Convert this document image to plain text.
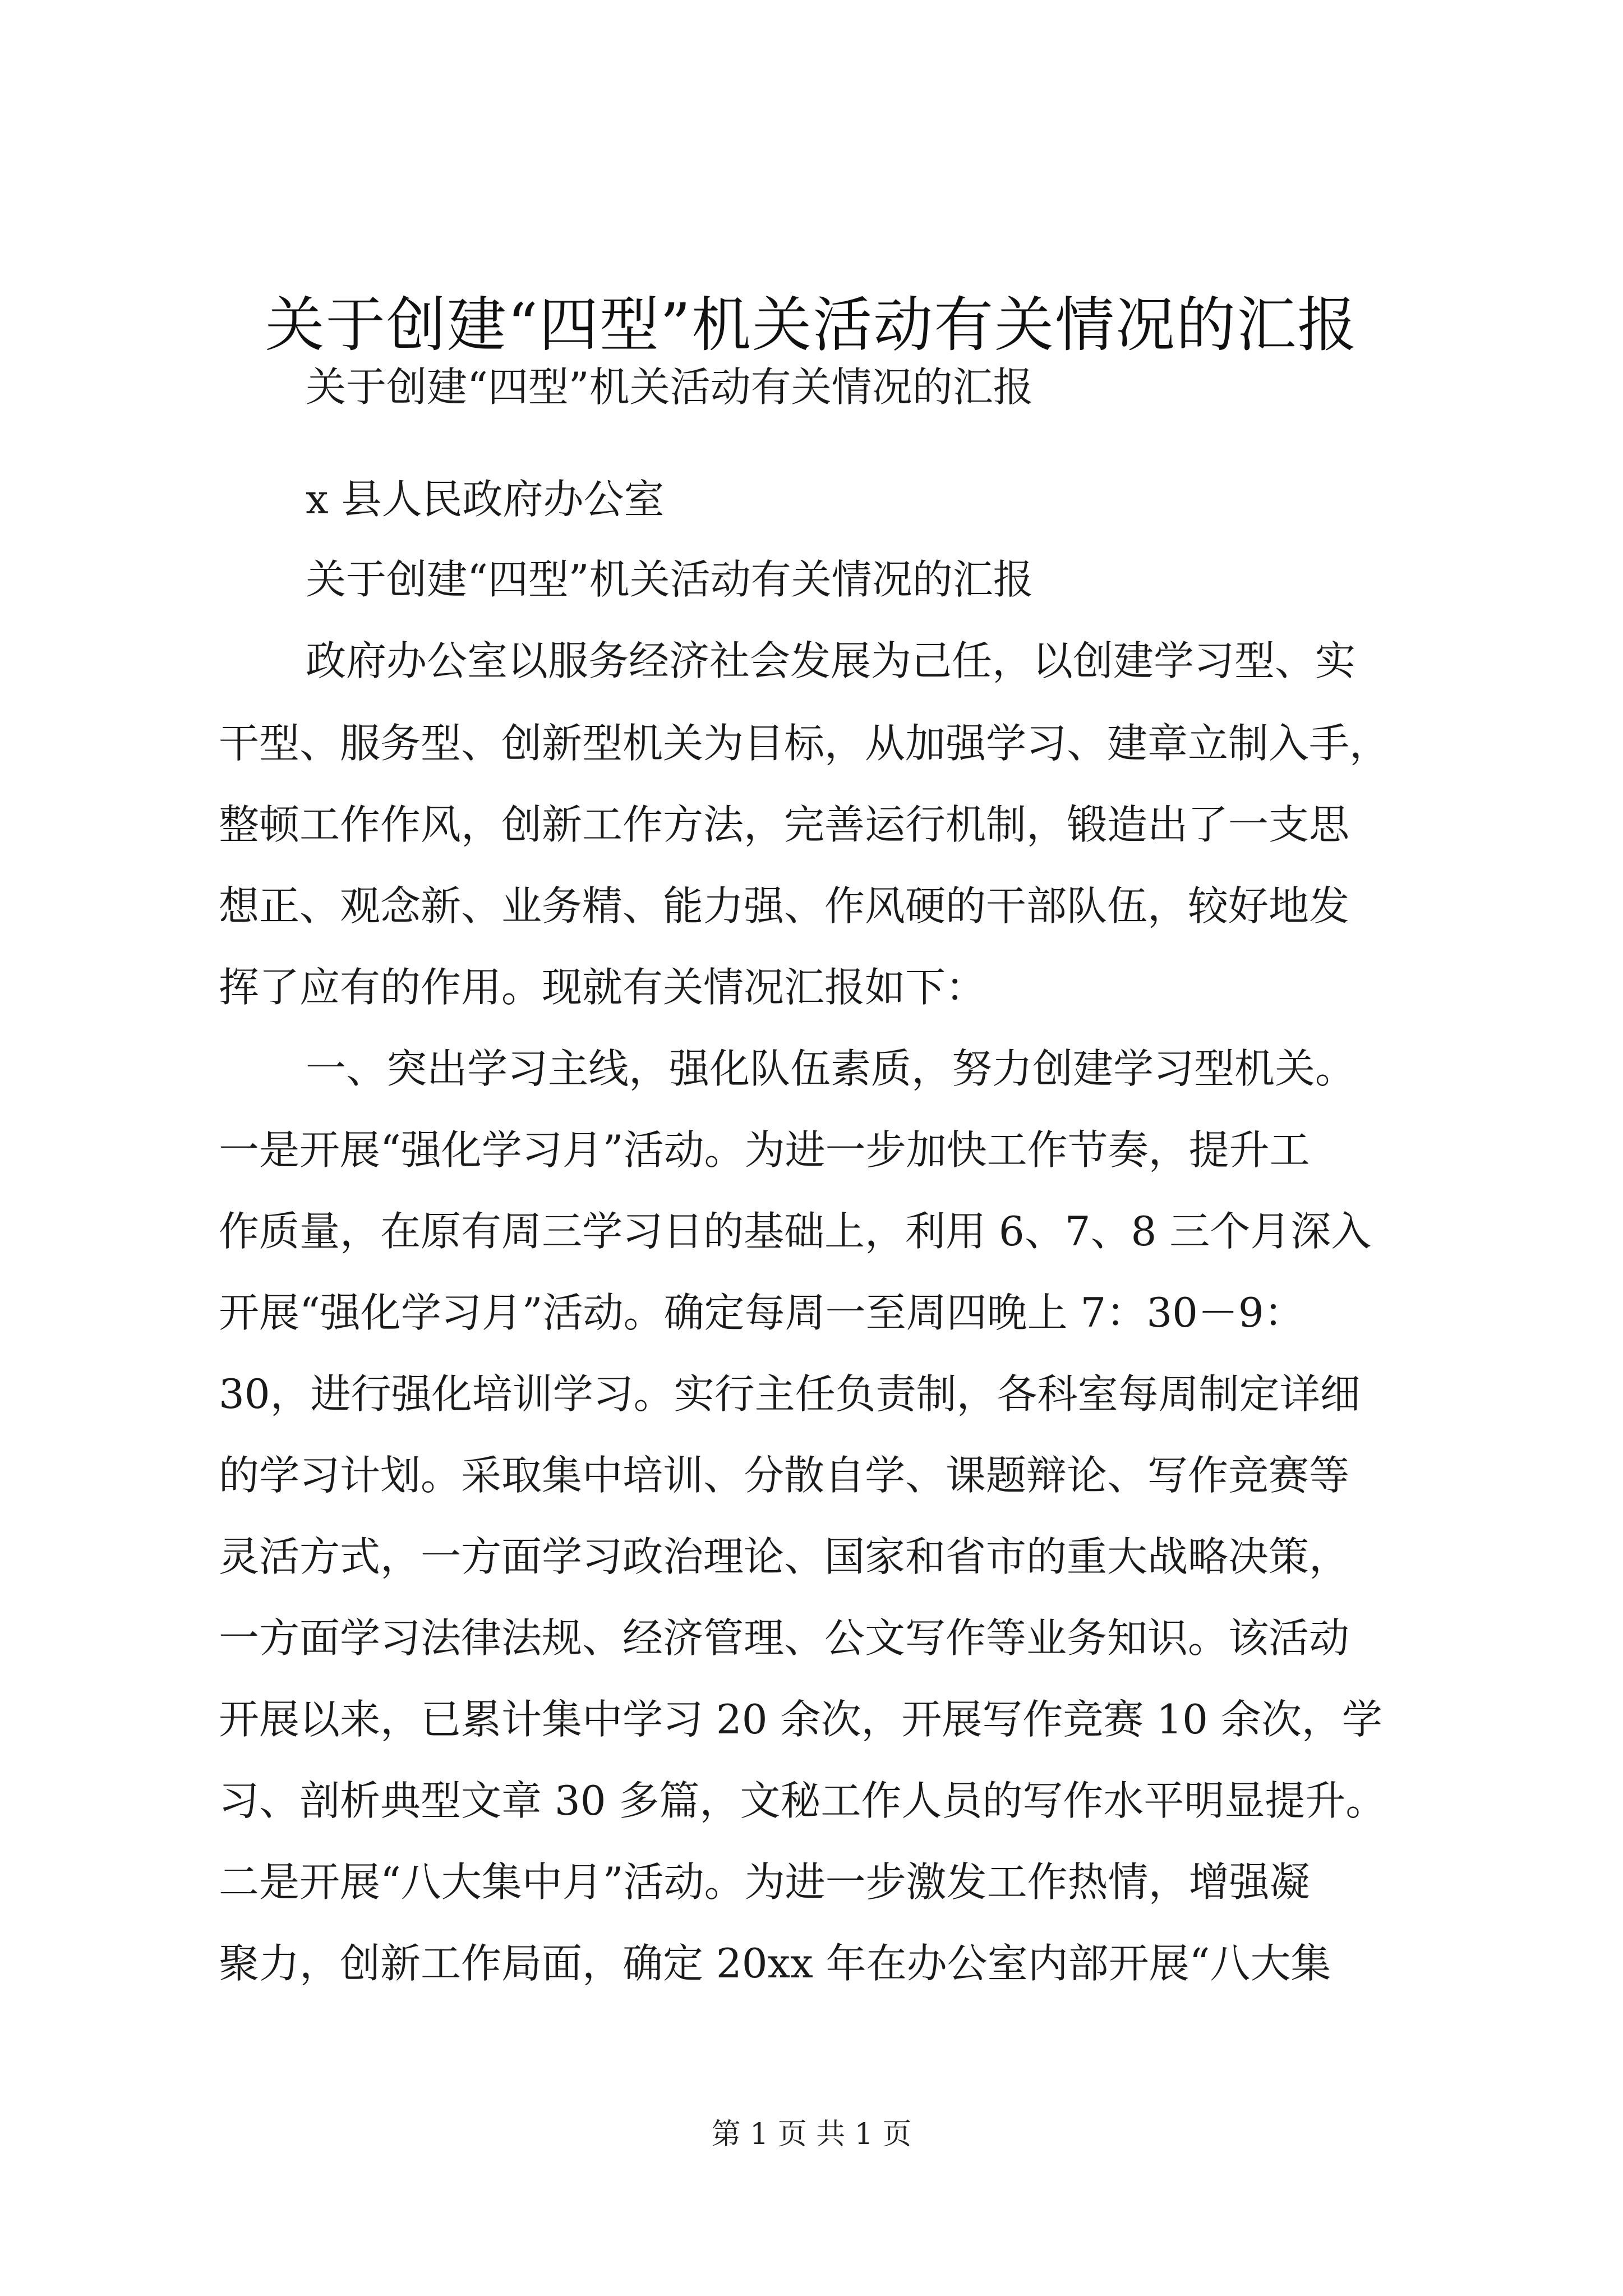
关于创建“四型”机关活动有关情况的汇报
关于创建“四型”机关活动有关情况的汇报
x 县人民政府办公室
关于创建“四型”机关活动有关情况的汇报
政府办公室以服务经济社会发展为己任，以创建学习型、实
干型、服务型、创新型机关为目标，从加强学习、建章立制入手，
整顿工作作风，创新工作方法，完善运行机制，锻造出了一支思
想正、观念新、业务精、能力强、作风硬的干部队伍，较好地发
挥了应有的作用。现就有关情况汇报如下：
一、突出学习主线，强化队伍素质，努力创建学习型机关。
一是开展“强化学习月”活动。为进一步加快工作节奏，提升工
作质量，在原有周三学习日的基础上，利用 6、7、8 三个月深入
开展“强化学习月”活动。确定每周一至周四晚上 7：30－9：
30，进行强化培训学习。实行主任负责制，各科室每周制定详细
的学习计划。采取集中培训、分散自学、课题辩论、写作竞赛等
灵活方式，一方面学习政治理论、国家和省市的重大战略决策，
一方面学习法律法规、经济管理、公文写作等业务知识。该活动
开展以来，已累计集中学习 20 余次，开展写作竞赛 10 余次，学
习、剖析典型文章 30 多篇，文秘工作人员的写作水平明显提升。
二是开展“八大集中月”活动。为进一步激发工作热情，增强凝
聚力，创新工作局面，确定 20xx 年在办公室内部开展“八大集
第 1 页 共 1 页
